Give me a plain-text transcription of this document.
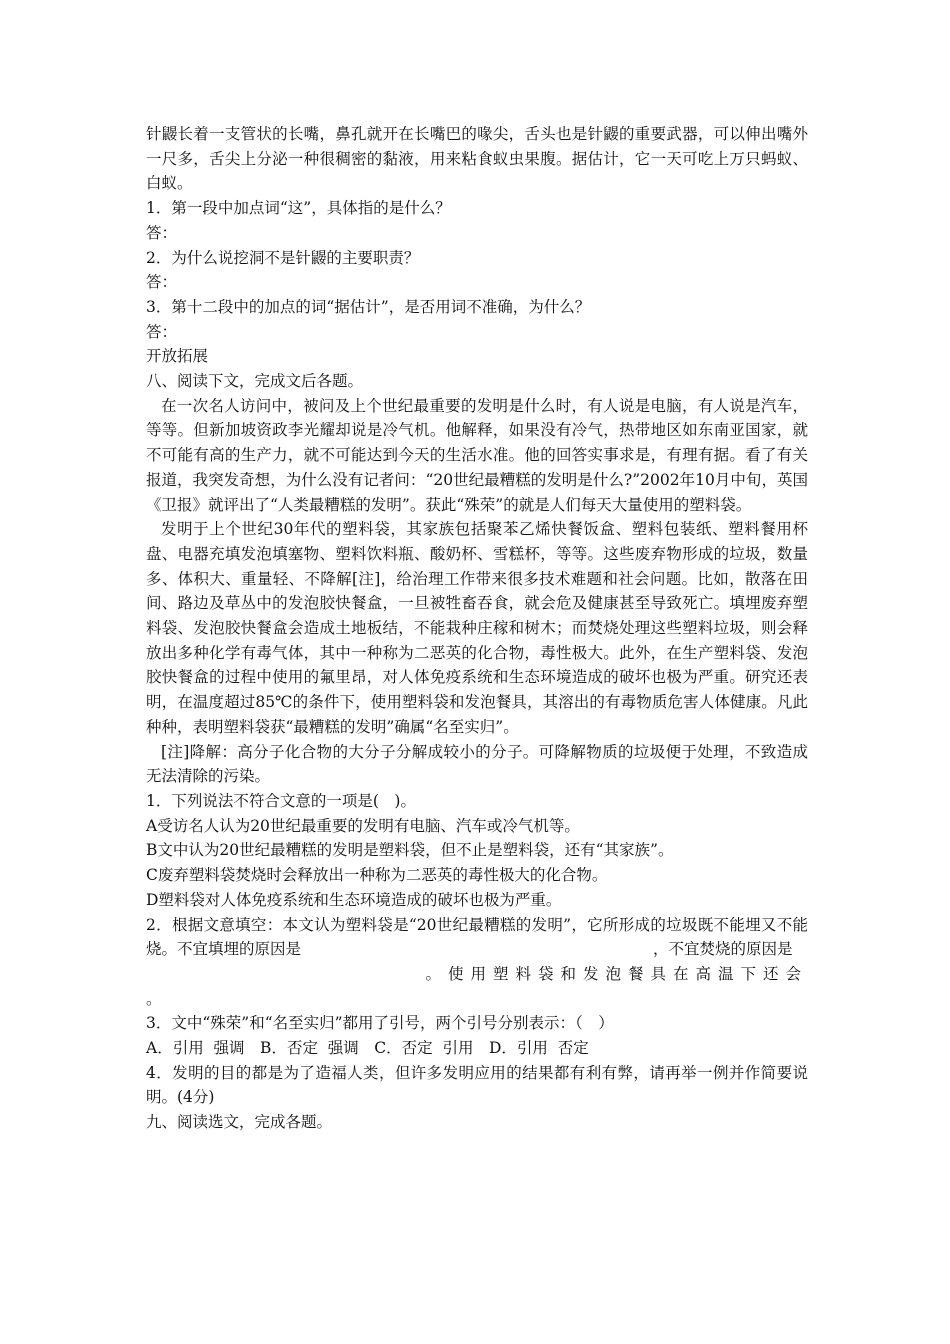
针鼹长着一支管状的长嘴，鼻孔就开在长嘴巴的喙尖，舌头也是针鼹的重要武器，可以伸出嘴外一尺多，舌尖上分泌一种很稠密的黏液，用来粘食蚁虫果腹。据估计，它一天可吃上万只蚂蚁、白蚁。

1．第一段中加点词“这”，具体指的是什么？

答：

2．为什么说挖洞不是针鼹的主要职责？

答：

3．第十二段中的加点的词“据估计”，是否用词不准确，为什么？

答：

开放拓展

八、阅读下文，完成文后各题。

在一次名人访问中，被问及上个世纪最重要的发明是什么时，有人说是电脑，有人说是汽车，等等。但新加坡资政李光耀却说是冷气机。他解释，如果没有冷气，热带地区如东南亚国家，就不可能有高的生产力，就不可能达到今天的生活水准。他的回答实事求是，有理有据。看了有关报道，我突发奇想，为什么没有记者问：“20世纪最糟糕的发明是什么?”2002年10月中旬，英国《卫报》就评出了“人类最糟糕的发明”。获此“殊荣”的就是人们每天大量使用的塑料袋。

发明于上个世纪30年代的塑料袋，其家族包括聚苯乙烯快餐饭盒、塑料包装纸、塑料餐用杯盘、电器充填发泡填塞物、塑料饮料瓶、酸奶杯、雪糕杯，等等。这些废弃物形成的垃圾，数量多、体积大、重量轻、不降解[注]，给治理工作带来很多技术难题和社会问题。比如，散落在田间、路边及草丛中的发泡胶快餐盒，一旦被牲畜吞食，就会危及健康甚至导致死亡。填埋废弃塑料袋、发泡胶快餐盒会造成土地板结，不能栽种庄稼和树木；而焚烧处理这些塑料垃圾，则会释放出多种化学有毒气体，其中一种称为二恶英的化合物，毒性极大。此外，在生产塑料袋、发泡胶快餐盒的过程中使用的氟里昂，对人体免疫系统和生态环境造成的破坏也极为严重。研究还表明，在温度超过85℃的条件下，使用塑料袋和发泡餐具，其溶出的有毒物质危害人体健康。凡此种种，表明塑料袋获“最糟糕的发明”确属“名至实归”。

[注]降解：高分子化合物的大分子分解成较小的分子。可降解物质的垃圾便于处理，不致造成无法清除的污染。

1．下列说法不符合文意的一项是(　)。

A受访名人认为20世纪最重要的发明有电脑、汽车或冷气机等。

B文中认为20世纪最糟糕的发明是塑料袋，但不止是塑料袋，还有“其家族”。

C废弃塑料袋焚烧时会释放出一种称为二恶英的毒性极大的化合物。

D塑料袋对人体免疫系统和生态环境造成的破坏也极为严重。

2．根据文意填空：本文认为塑料袋是“20世纪最糟糕的发明”，它所形成的垃圾既不能埋又不能烧。不宜填埋的原因是	，不宜焚烧的原因是

。使用塑料袋和发泡餐具在高温下还会

。

3．文中“殊荣”和“名至实归”都用了引号，两个引号分别表示：（　）

A．引用  强调　B．否定  强调　C．否定  引用　D．引用  否定

4．发明的目的都是为了造福人类，但许多发明应用的结果都有利有弊，请再举一例并作简要说明。(4分)

九、阅读选文，完成各题。
